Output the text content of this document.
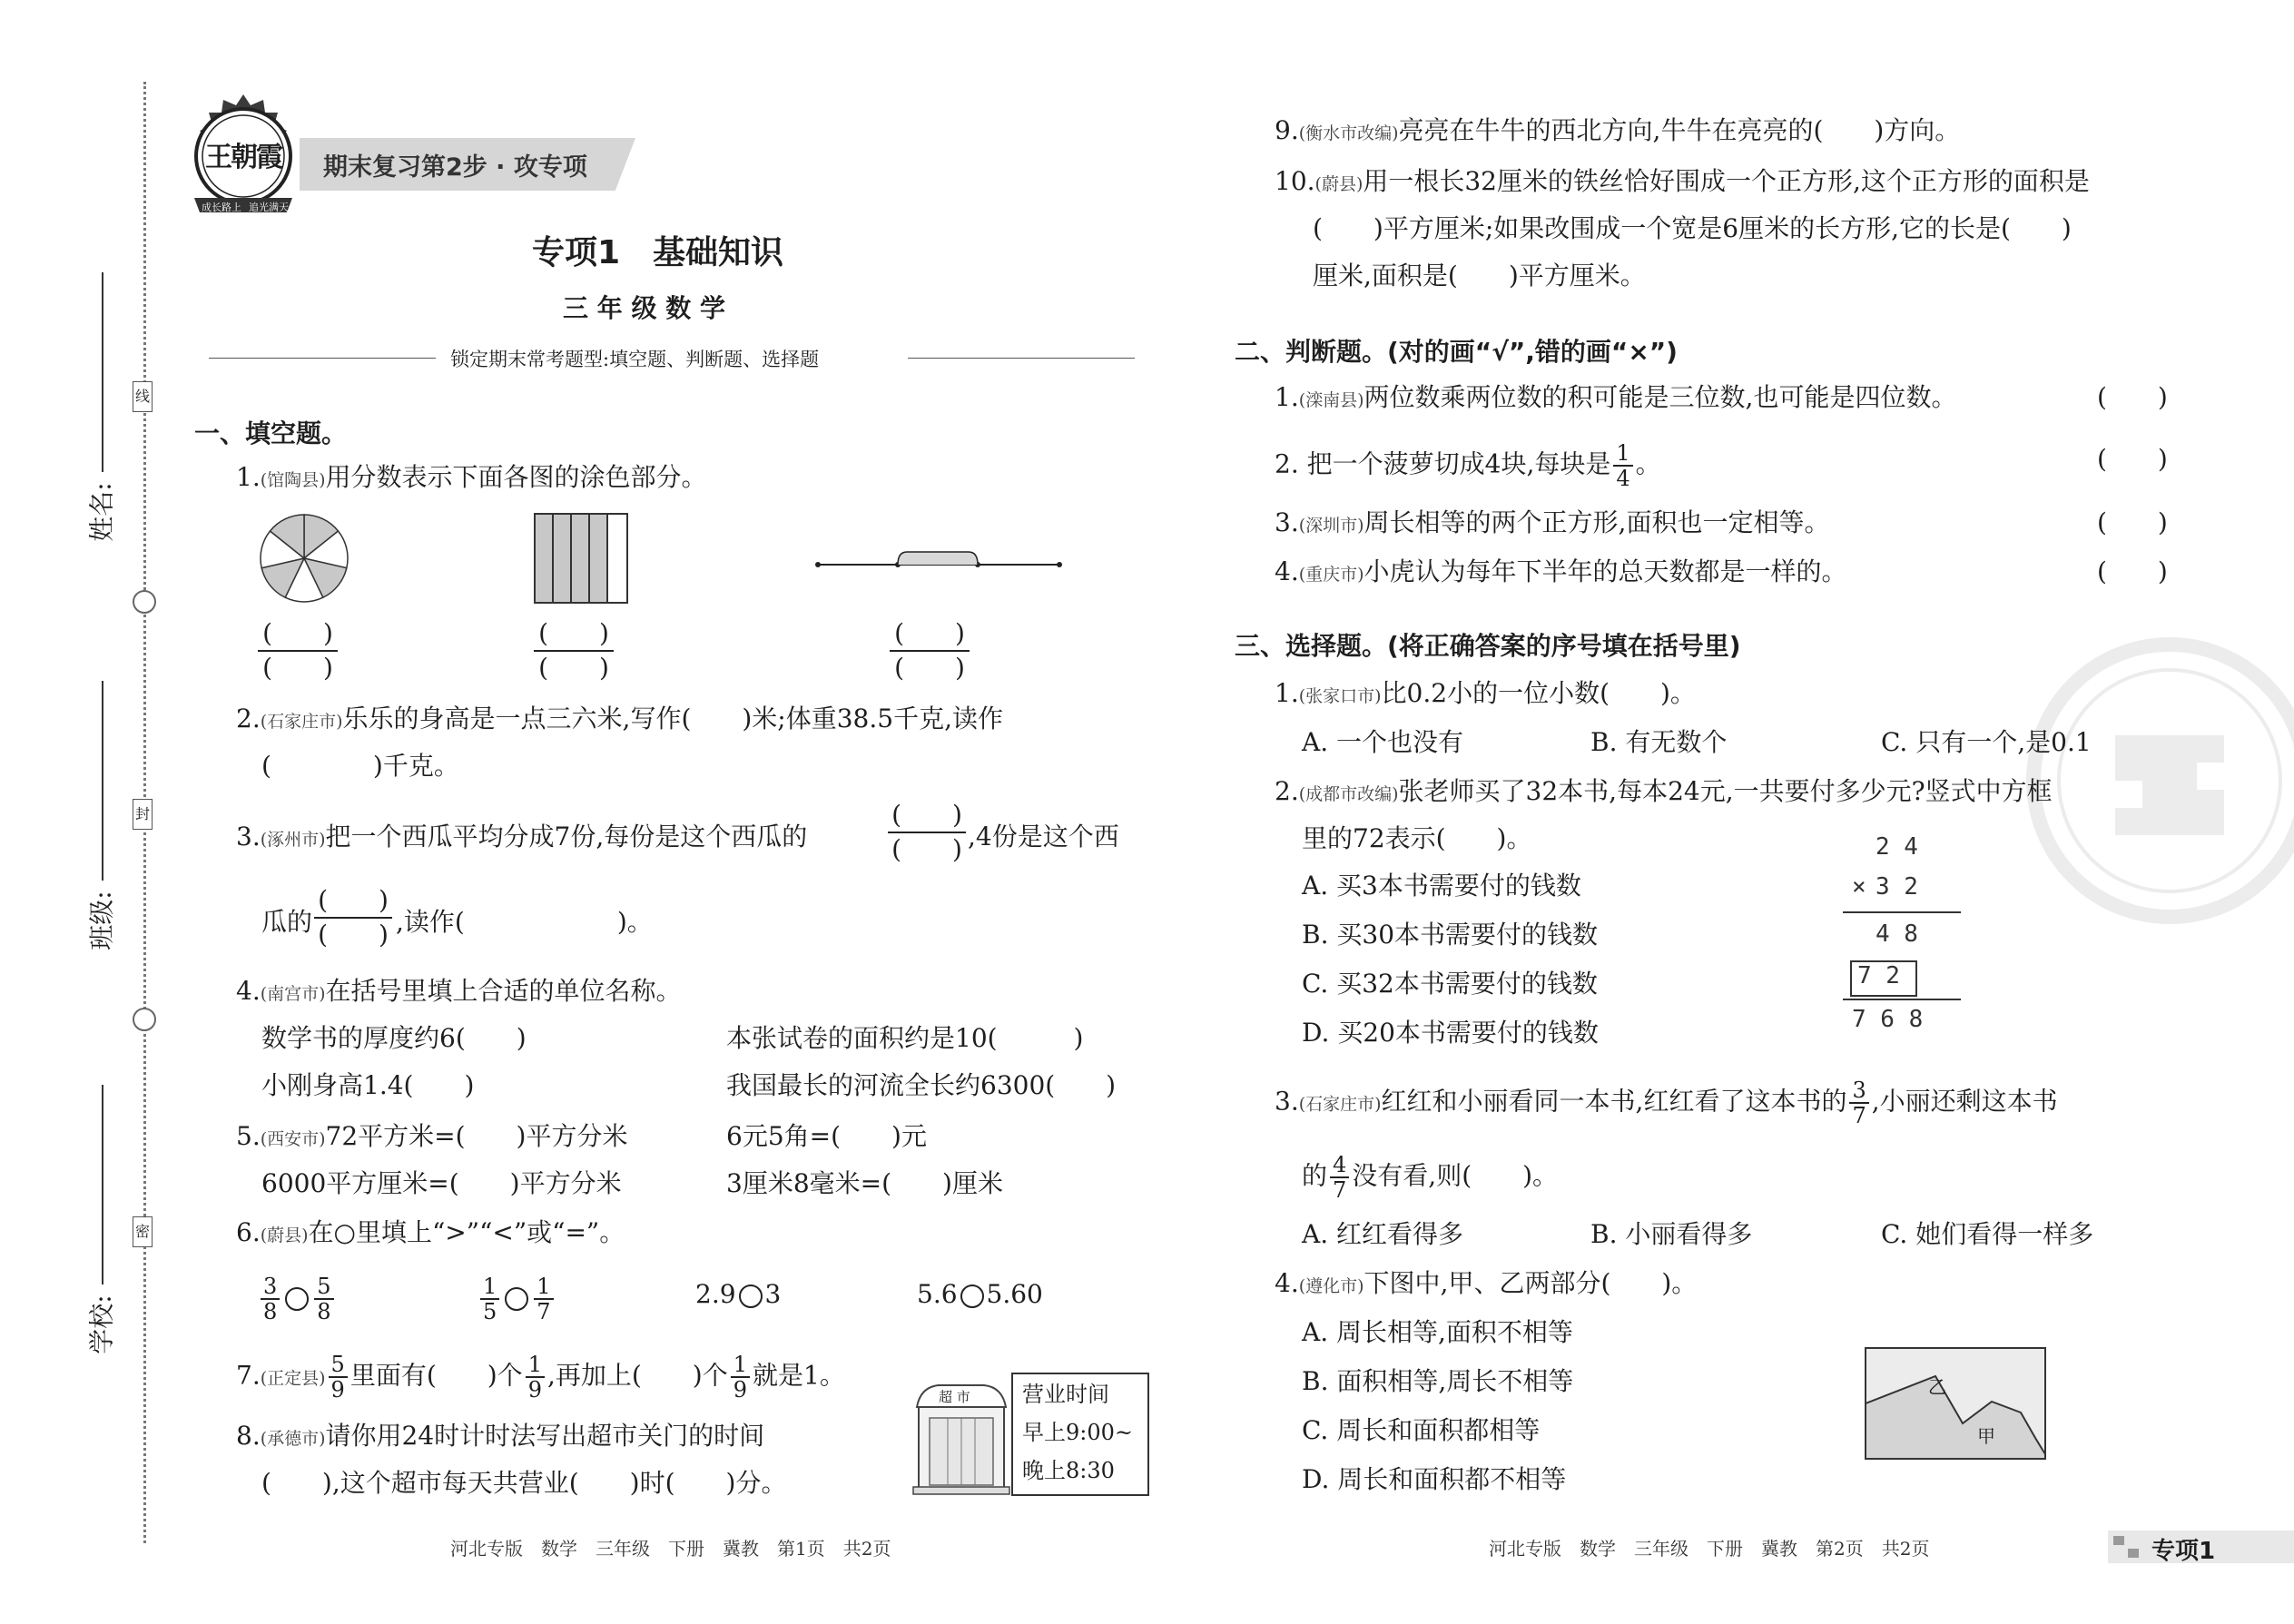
线
封
密
姓名:
班级:
学校:
王朝霞
成长路上 追光满天
期末复习第2步 · 攻专项
专项1　基础知识
三 年 级 数 学
锁定期末常考题型:填空题、判断题、选择题
一、填空题。
1.(馆陶县)用分数表示下面各图的涂色部分。
(　　)
(　　)
(　　)
(　　)
(　　)
(　　)
2.(石家庄市)乐乐的身高是一点三六米,写作(　　)米;体重38.5千克,读作
(　　　　)千克。
3.(涿州市)把一个西瓜平均分成7份,每份是这个西瓜的
(　　)
(　　) ,4份是这个西
瓜的
(　　)
(　　) ,读作(　　　　　　)。
4.(南宫市)在括号里填上合适的单位名称。
数学书的厚度约6(　　)	本张试卷的面积约是10(　　　)
小刚身高1.4(　　)	我国最长的河流全长约6300(　　)
5.(西安市)72平方米=(　　)平方分米	6元5角=(　　)元
6000平方厘米=(　　)平方分米	3厘米8毫米=(　　)厘米
6.(蔚县)在○里填上“>”“<”或“=”。
$\frac{3}{8} \frac{5}{8}$	$\frac{1}{5} \frac{1}{7}$	2.9 3	5.6 5.60
7.(正定县) $\frac{5}{9}$ 里面有(　　)个 $\frac{1}{9}$ ,再加上(　　)个 $\frac{1}{9}$ 就是1。
8.(承德市)请你用24时计时法写出超市关门的时间
(　　),这个超市每天共营业(　　)时(　　)分。
超 市 营业时间
早上9:00~
晚上8:30
河北专版　数学　三年级　下册　冀教　第1页　共2页
9.(衡水市改编)亮亮在牛牛的西北方向,牛牛在亮亮的(　　)方向。
10.(蔚县)用一根长32厘米的铁丝恰好围成一个正方形,这个正方形的面积是
(　　)平方厘米;如果改围成一个宽是6厘米的长方形,它的长是(　　)
厘米,面积是(　　)平方厘米。
二、判断题。(对的画“√”,错的画“×”)
1.(滦南县)两位数乘两位数的积可能是三位数,也可能是四位数。	(　　)
2. 把一个菠萝切成4块,每块是 $\frac{1}{4}$ 。	(　　)
3.(深圳市)周长相等的两个正方形,面积也一定相等。	(　　)
4.(重庆市)小虎认为每年下半年的总天数都是一样的。	(　　)
三、选择题。(将正确答案的序号填在括号里)
1.(张家口市)比0.2小的一位小数(　　)。
A. 一个也没有	B. 有无数个	C. 只有一个,是0.1
2.(成都市改编)张老师买了32本书,每本24元,一共要付多少元?竖式中方框
里的72表示(　　)。
A. 买3本书需要付的钱数
B. 买30本书需要付的钱数
C. 买32本书需要付的钱数
D. 买20本书需要付的钱数
2 4
× 3 2
4 8
7 2
7 6 8
3.(石家庄市)红红和小丽看同一本书,红红看了这本书的 $\frac{3}{7}$ ,小丽还剩这本书
的 $\frac{4}{7}$ 没有看,则(　　)。
A. 红红看得多	B. 小丽看得多	C. 她们看得一样多
4.(遵化市)下图中,甲、乙两部分(　　)。
A. 周长相等,面积不相等
B. 面积相等,周长不相等
C. 周长和面积都相等
D. 周长和面积都不相等
乙
甲
河北专版　数学　三年级　下册　冀教　第2页　共2页	专项1
